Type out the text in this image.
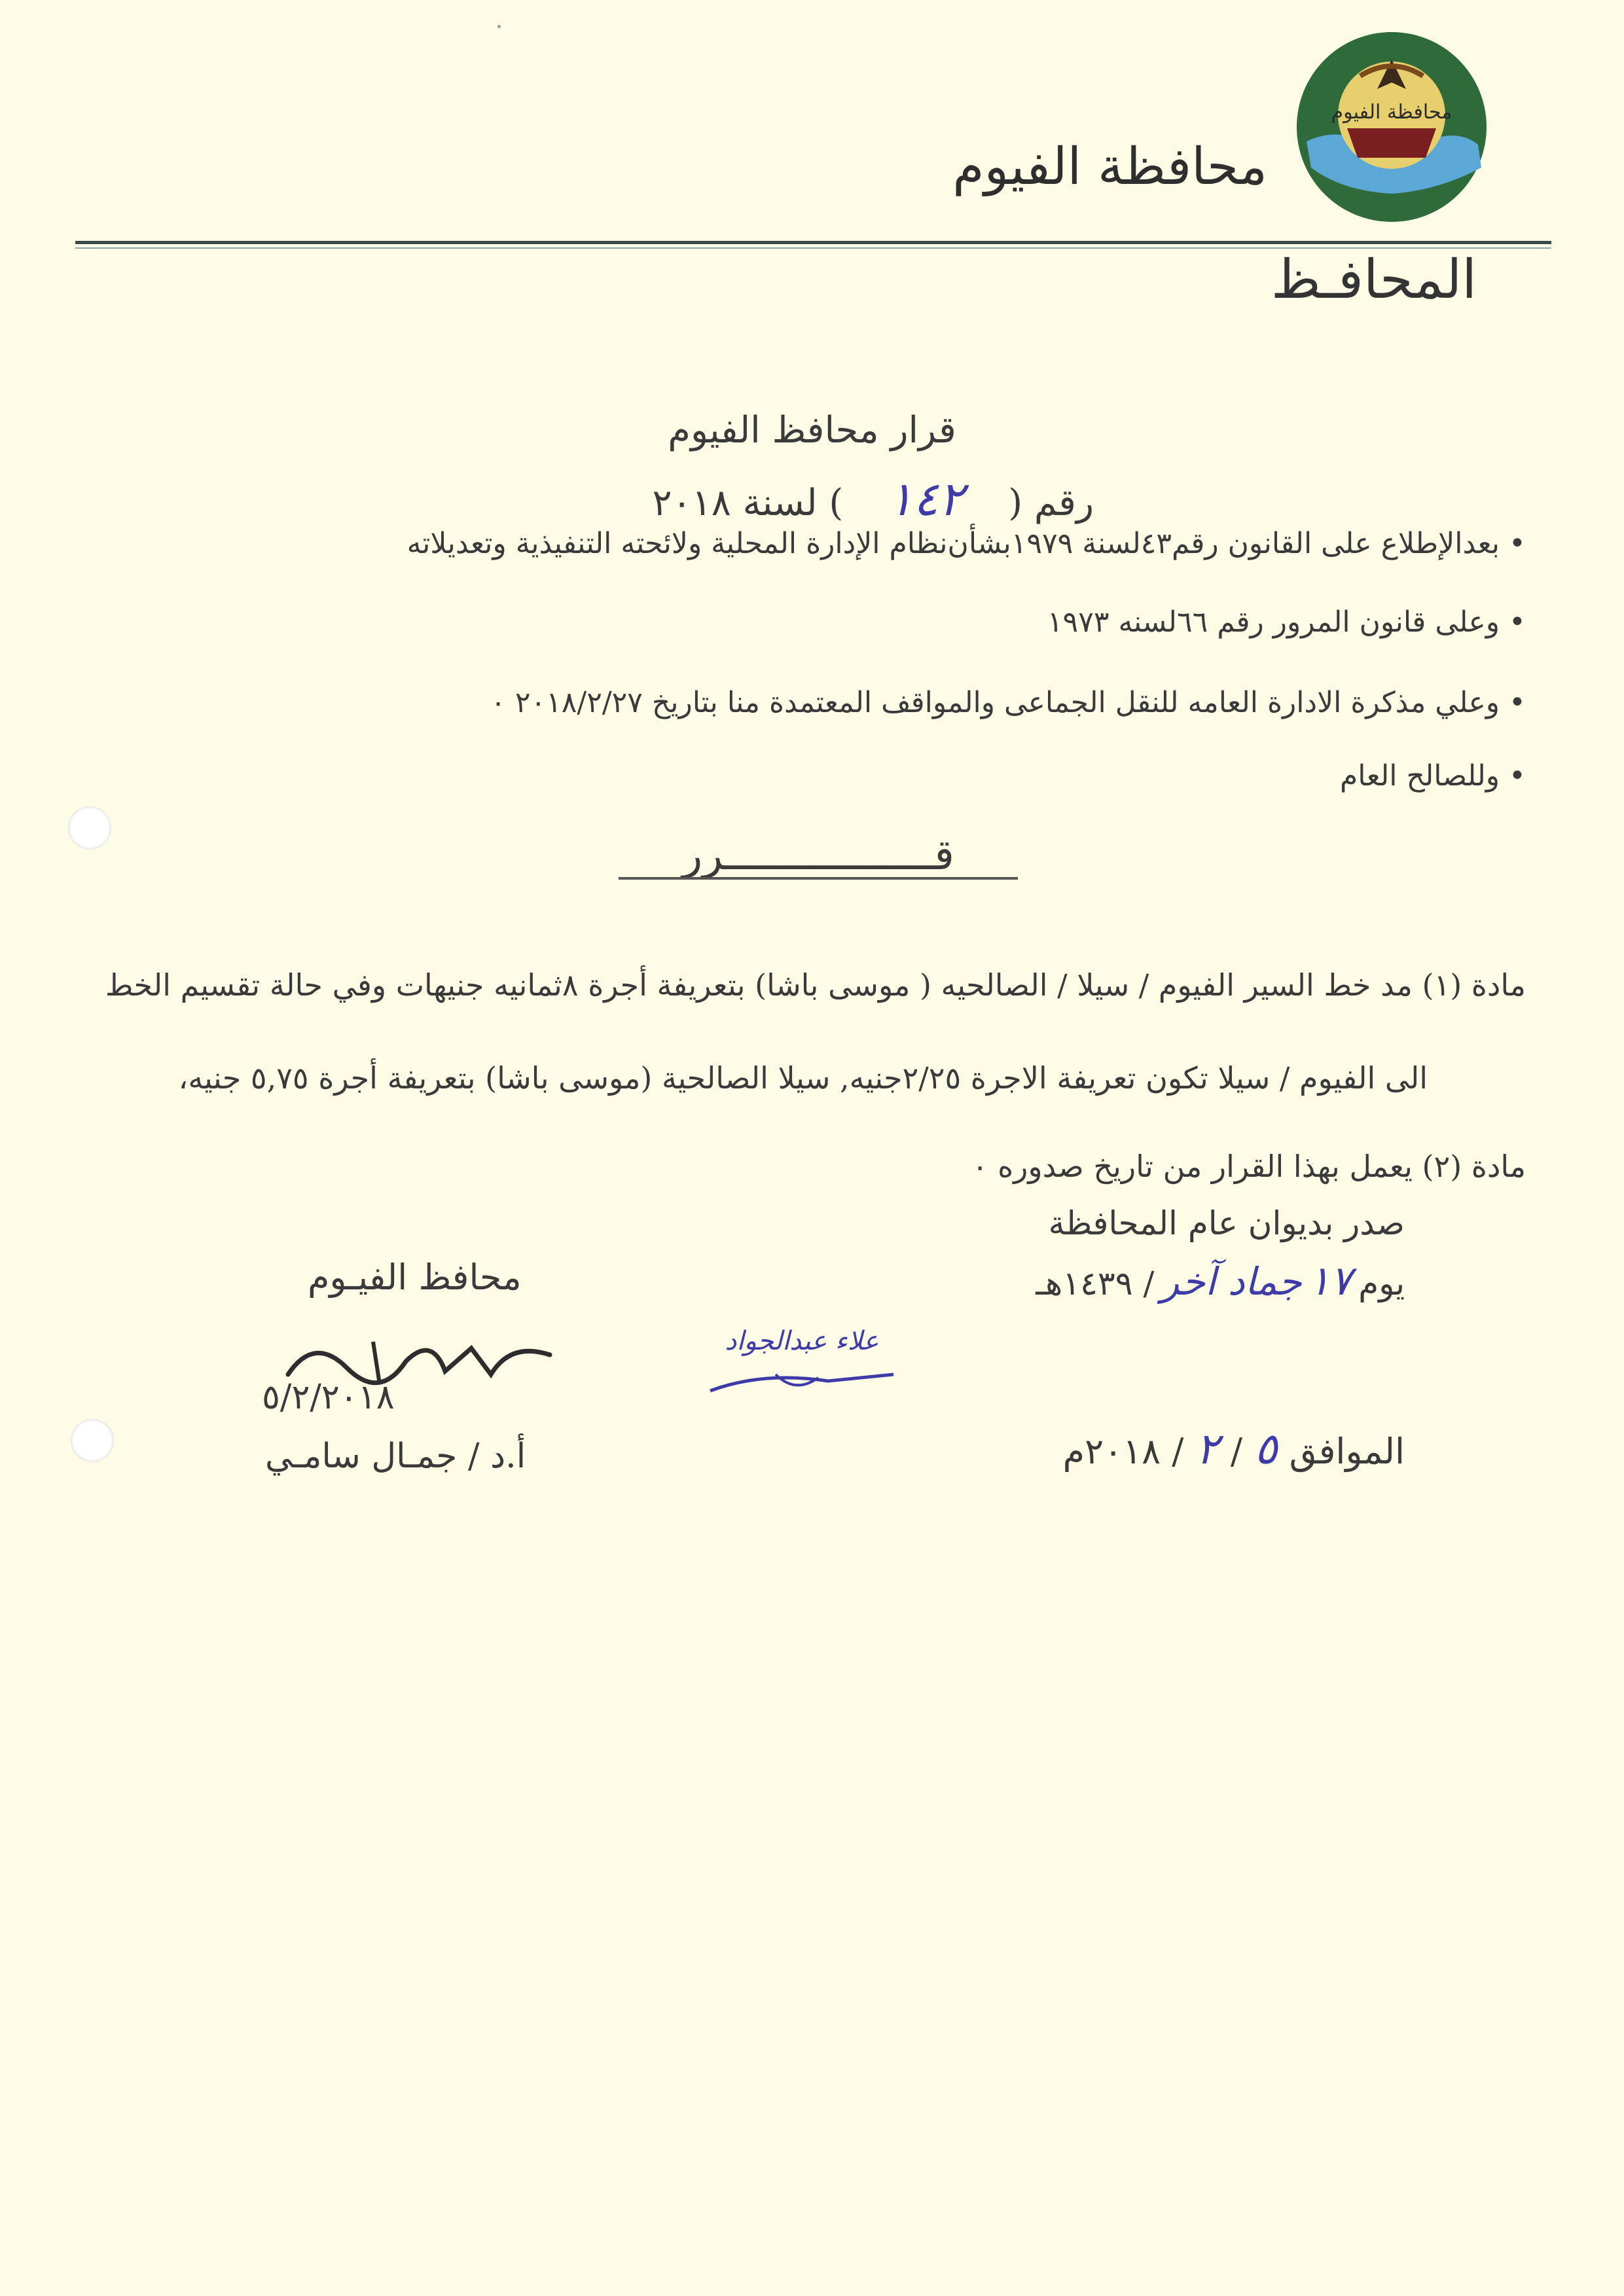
محافظة الفيوم
محافظة الفيوم
المحافـظ
قرار محافظ الفيوم
رقم (
١٤٢
) لسنة ٢٠١٨
• بعدالإطلاع على القانون رقم٤٣لسنة ١٩٧٩بشأن‌نظام الإدارة المحلية ولائحته التنفيذية وتعديلاته
• وعلى قانون المرور رقم ٦٦لسنه ١٩٧٣
• وعلي مذكرة الادارة العامه للنقل الجماعى والمواقف المعتمدة منا بتاريخ ٢٠١٨/٢/٢٧ ٠
• وللصالح العام
قـــــــــــــــــرر
مادة (١) مد خط السير الفيوم / سيلا / الصالحيه ( موسى باشا) بتعريفة أجرة ٨ثمانيه جنيهات وفي حالة تقسيم الخط
الى الفيوم / سيلا تكون تعريفة الاجرة ٢/٢٥جنيه, سيلا الصالحية (موسى باشا) بتعريفة أجرة ٥,٧٥ جنيه،
مادة (٢) يعمل بهذا القرار من تاريخ صدوره ٠
صدر بديوان عام المحافظة
يوم
١٧
جماد آخر
/ ١٤٣٩هـ
الموافق
٥
/
٢
/ ٢٠١٨م
محافظ الفيـوم
٥/٢/٢٠١٨
أ.د / جمـال سامـي
علاء عبدالجواد
